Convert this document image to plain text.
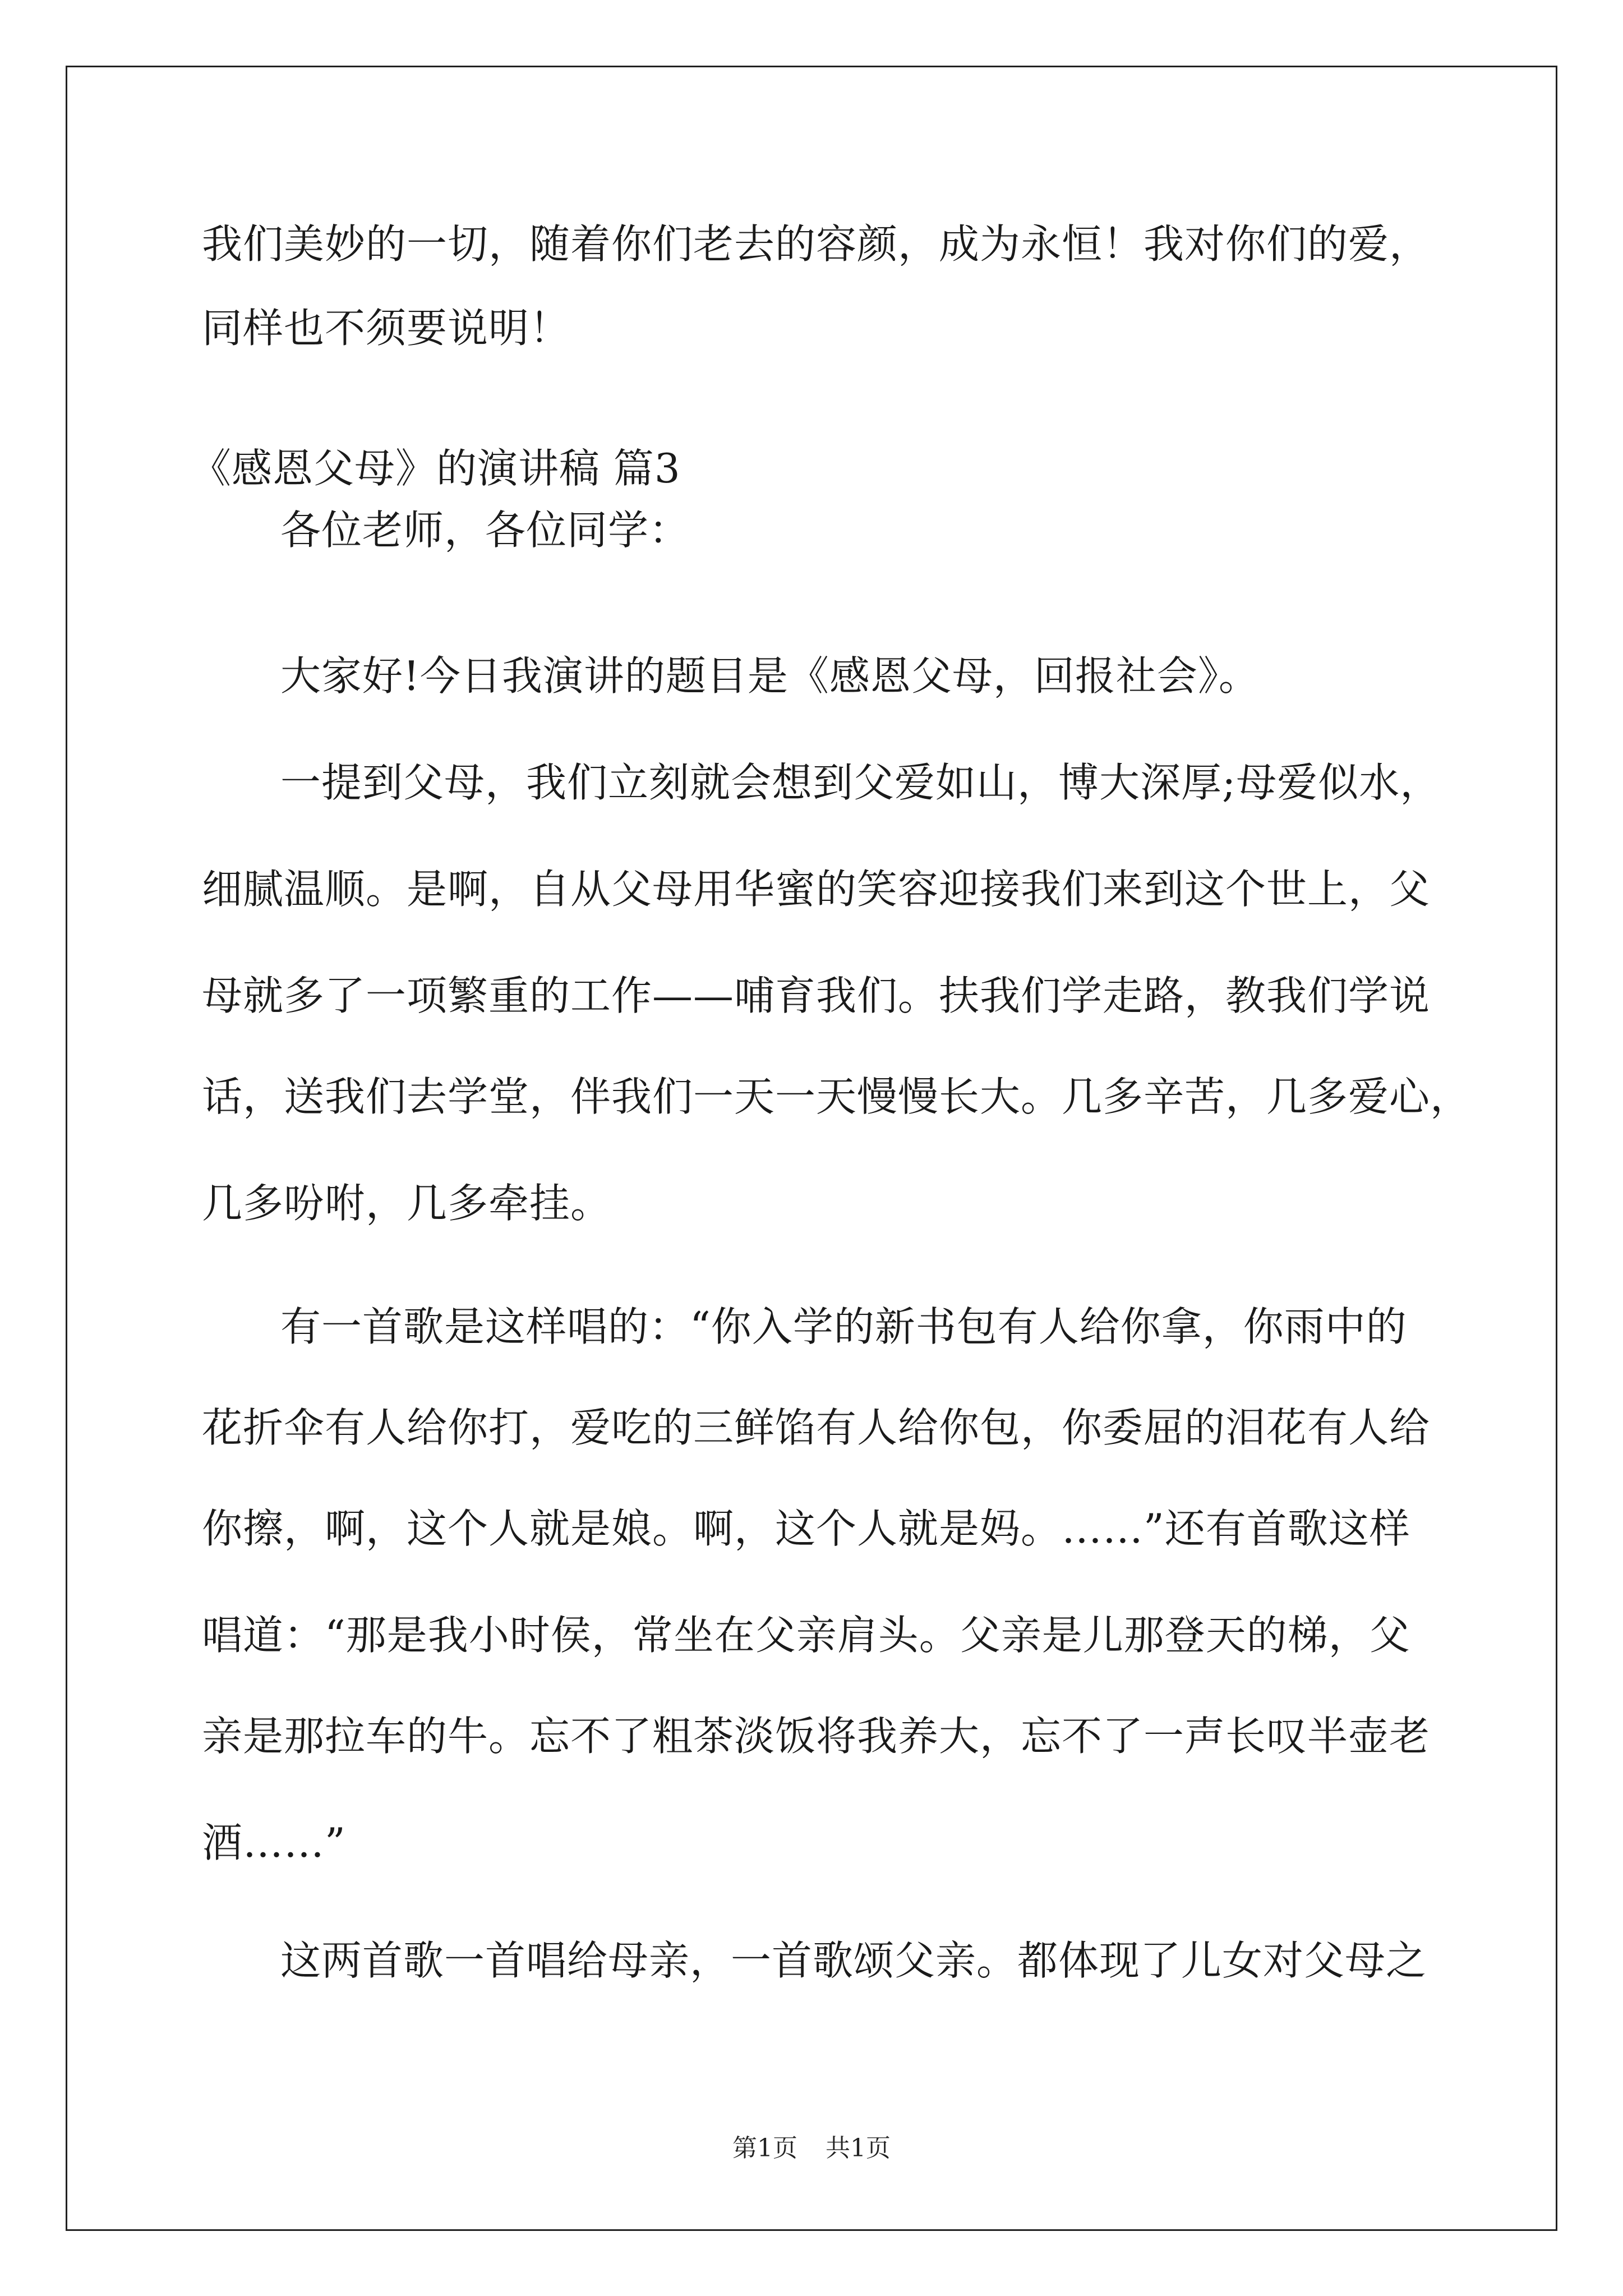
我们美妙的一切，随着你们老去的容颜，成为永恒！我对你们的爱，
同样也不须要说明！
《感恩父母》的演讲稿 篇3
各位老师，各位同学：
大家好!今日我演讲的题目是《感恩父母，回报社会》。
一提到父母，我们立刻就会想到父爱如山，博大深厚;母爱似水，
细腻温顺。是啊，自从父母用华蜜的笑容迎接我们来到这个世上，父
母就多了一项繁重的工作——哺育我们。扶我们学走路，教我们学说
话，送我们去学堂，伴我们一天一天慢慢长大。几多辛苦，几多爱心，
几多吩咐，几多牵挂。
有一首歌是这样唱的：“你入学的新书包有人给你拿，你雨中的
花折伞有人给你打，爱吃的三鲜馅有人给你包，你委屈的泪花有人给
你擦，啊，这个人就是娘。啊，这个人就是妈。……”还有首歌这样
唱道：“那是我小时侯，常坐在父亲肩头。父亲是儿那登天的梯，父
亲是那拉车的牛。忘不了粗茶淡饭将我养大，忘不了一声长叹半壶老
酒……”
这两首歌一首唱给母亲，一首歌颂父亲。都体现了儿女对父母之
第1页 共1页
